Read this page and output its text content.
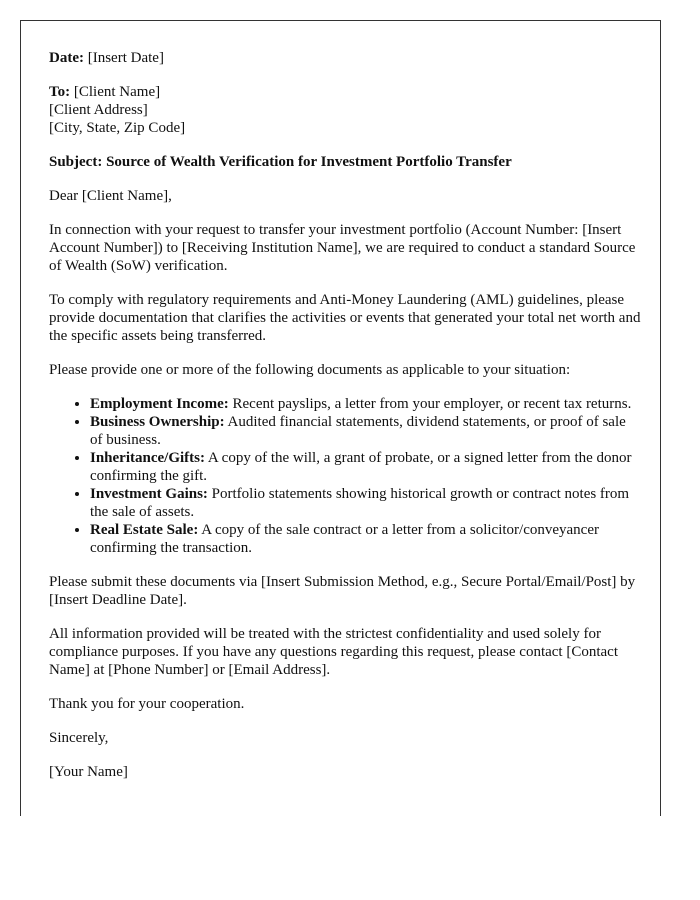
Date: [Insert Date]

To: [Client Name]
[Client Address]
[City, State, Zip Code]

Subject: Source of Wealth Verification for Investment Portfolio Transfer

Dear [Client Name],

In connection with your request to transfer your investment portfolio (Account Number: [Insert Account Number]) to [Receiving Institution Name], we are required to conduct a standard Source of Wealth (SoW) verification.

To comply with regulatory requirements and Anti-Money Laundering (AML) guidelines, please provide documentation that clarifies the activities or events that generated your total net worth and the specific assets being transferred.

Please provide one or more of the following documents as applicable to your situation:

• Employment Income: Recent payslips, a letter from your employer, or recent tax returns.
• Business Ownership: Audited financial statements, dividend statements, or proof of sale of business.
• Inheritance/Gifts: A copy of the will, a grant of probate, or a signed letter from the donor confirming the gift.
• Investment Gains: Portfolio statements showing historical growth or contract notes from the sale of assets.
• Real Estate Sale: A copy of the sale contract or a letter from a solicitor/conveyancer confirming the transaction.

Please submit these documents via [Insert Submission Method, e.g., Secure Portal/Email/Post] by [Insert Deadline Date].

All information provided will be treated with the strictest confidentiality and used solely for compliance purposes. If you have any questions regarding this request, please contact [Contact Name] at [Phone Number] or [Email Address].

Thank you for your cooperation.

Sincerely,

[Your Name]
